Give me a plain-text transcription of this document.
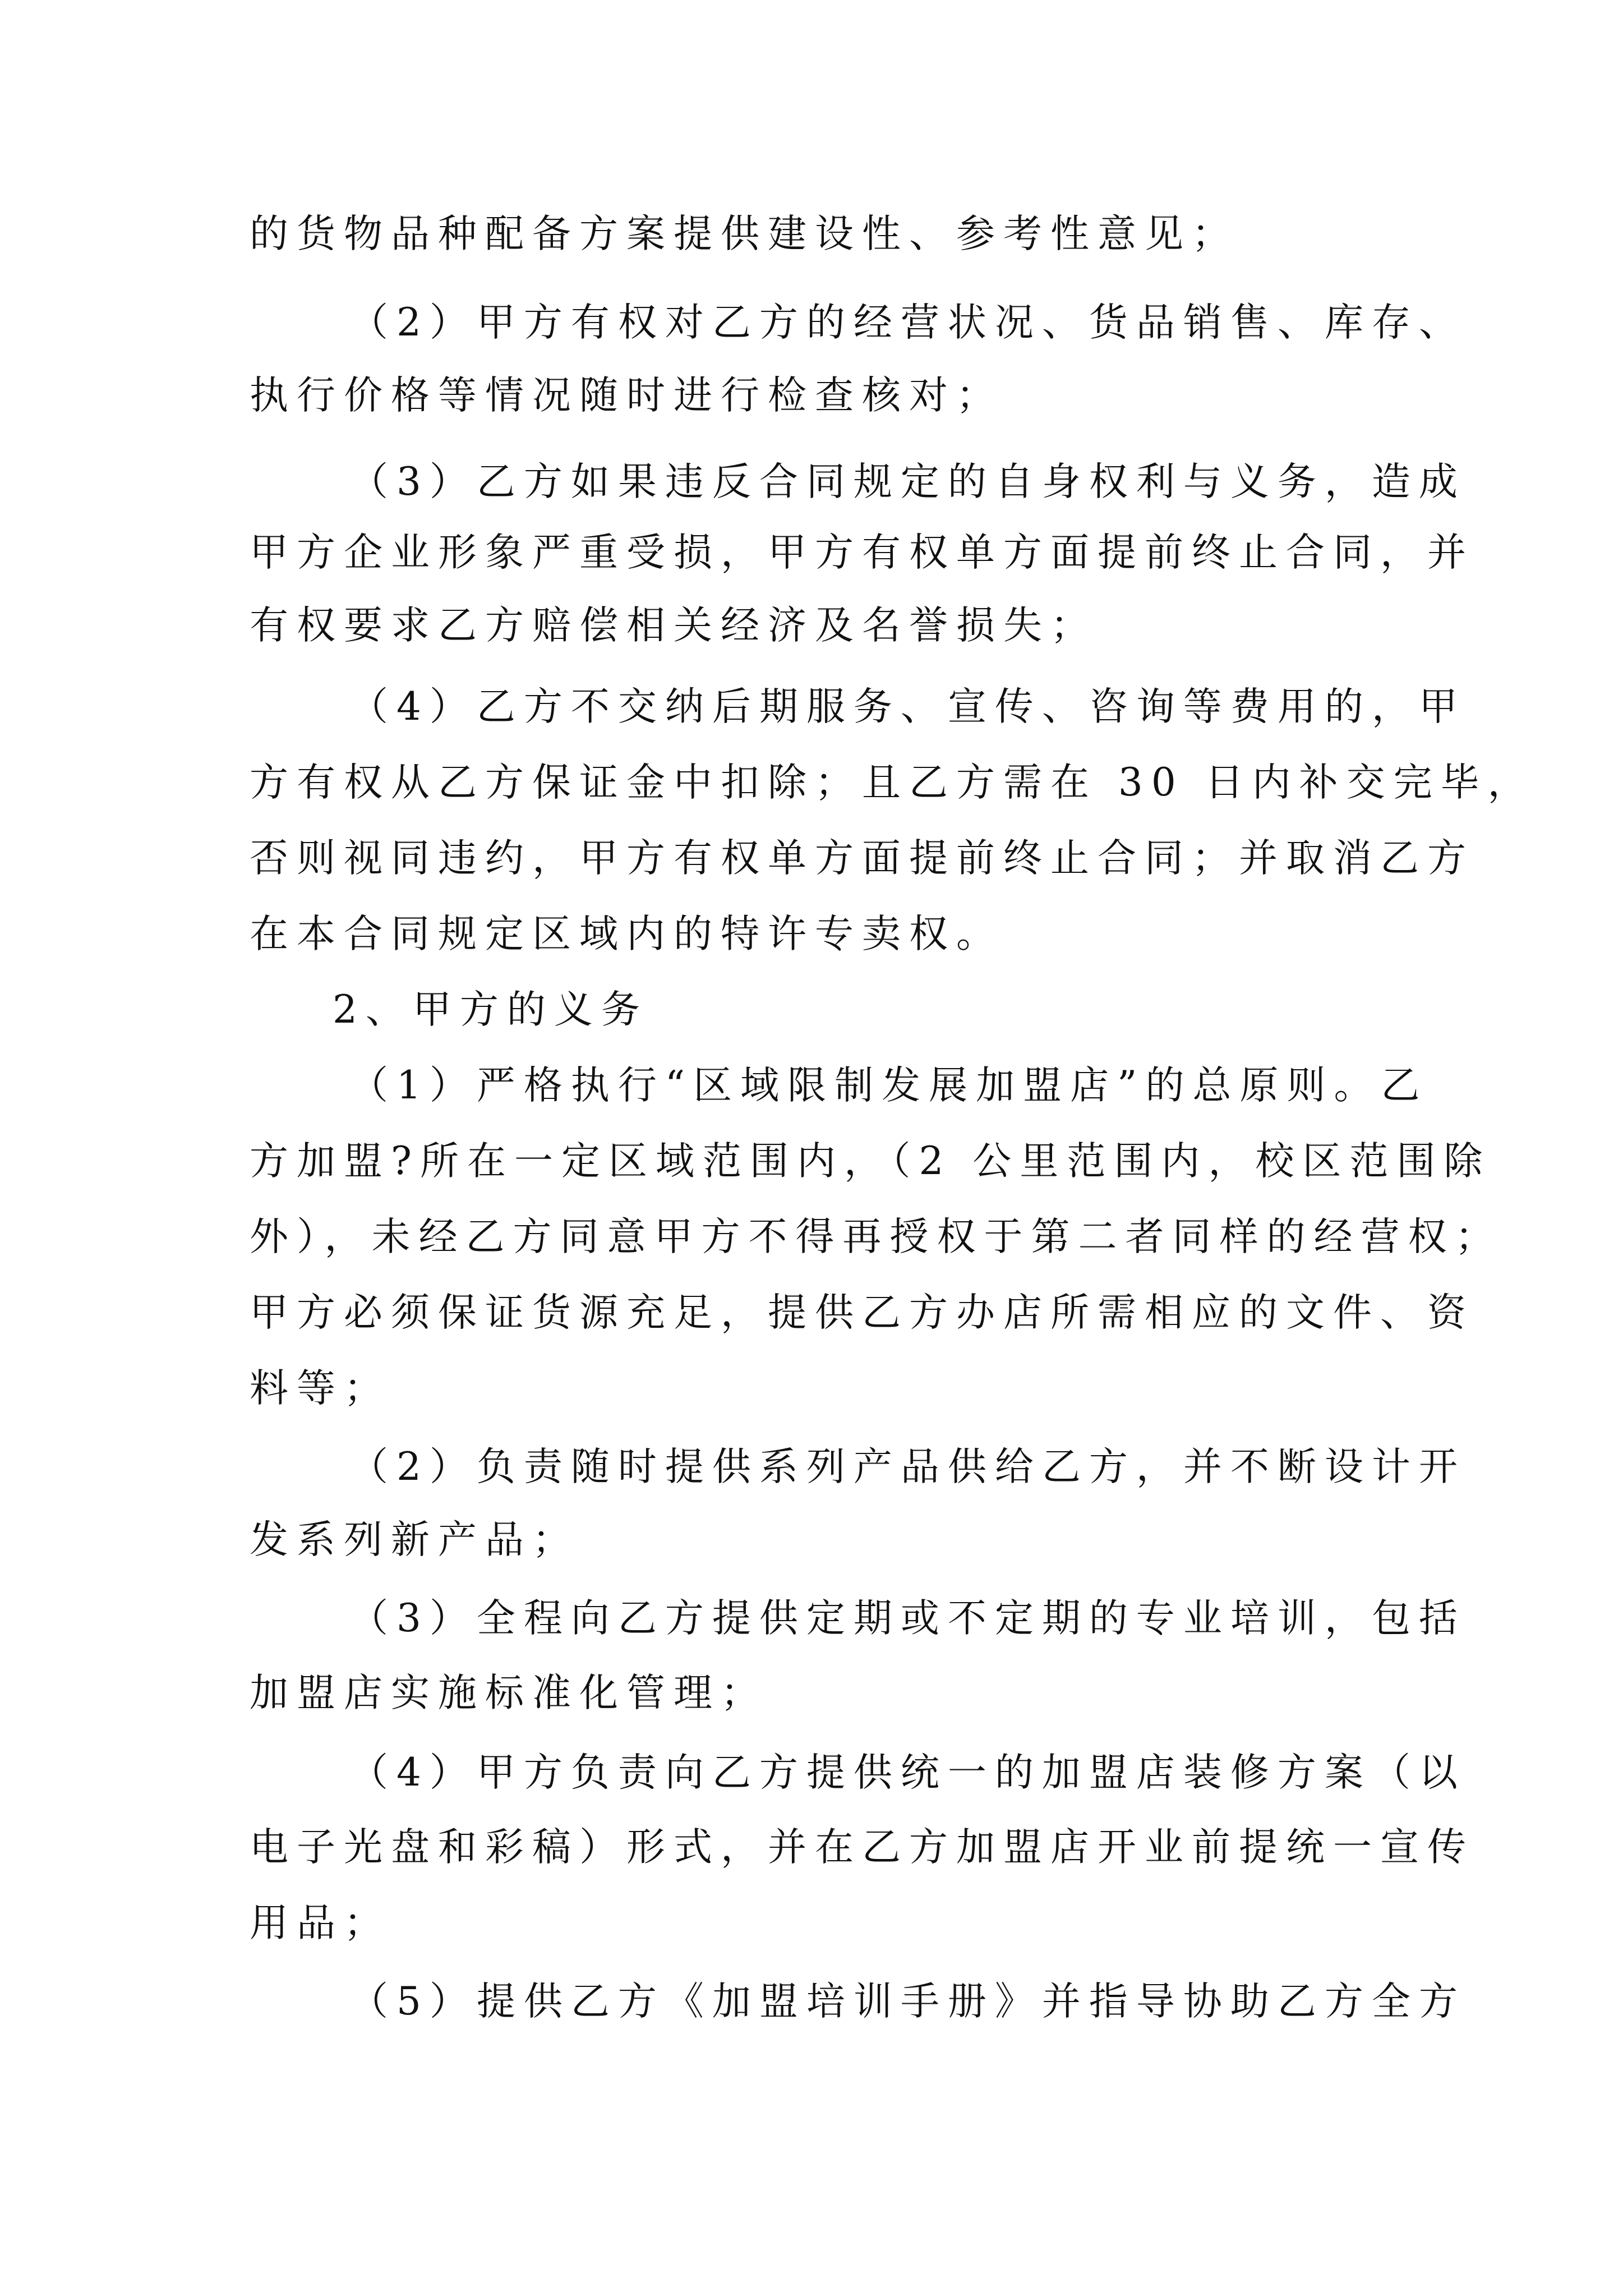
的货物品种配备方案提供建设性、参考性意见；
（2）甲方有权对乙方的经营状况、货品销售、库存、
执行价格等情况随时进行检查核对；
（3）乙方如果违反合同规定的自身权利与义务，造成
甲方企业形象严重受损，甲方有权单方面提前终止合同，并
有权要求乙方赔偿相关经济及名誉损失；
（4）乙方不交纳后期服务、宣传、咨询等费用的，甲
方有权从乙方保证金中扣除；且乙方需在 30 日内补交完毕，
否则视同违约，甲方有权单方面提前终止合同；并取消乙方
在本合同规定区域内的特许专卖权。
2、甲方的义务
（1）严格执行“区域限制发展加盟店”的总原则。乙
方加盟?所在一定区域范围内，（2 公里范围内，校区范围除
外），未经乙方同意甲方不得再授权于第二者同样的经营权；
甲方必须保证货源充足，提供乙方办店所需相应的文件、资
料等；
（2）负责随时提供系列产品供给乙方，并不断设计开
发系列新产品；
（3）全程向乙方提供定期或不定期的专业培训，包括
加盟店实施标准化管理；
（4）甲方负责向乙方提供统一的加盟店装修方案（以
电子光盘和彩稿）形式，并在乙方加盟店开业前提统一宣传
用品；
（5）提供乙方《加盟培训手册》并指导协助乙方全方
